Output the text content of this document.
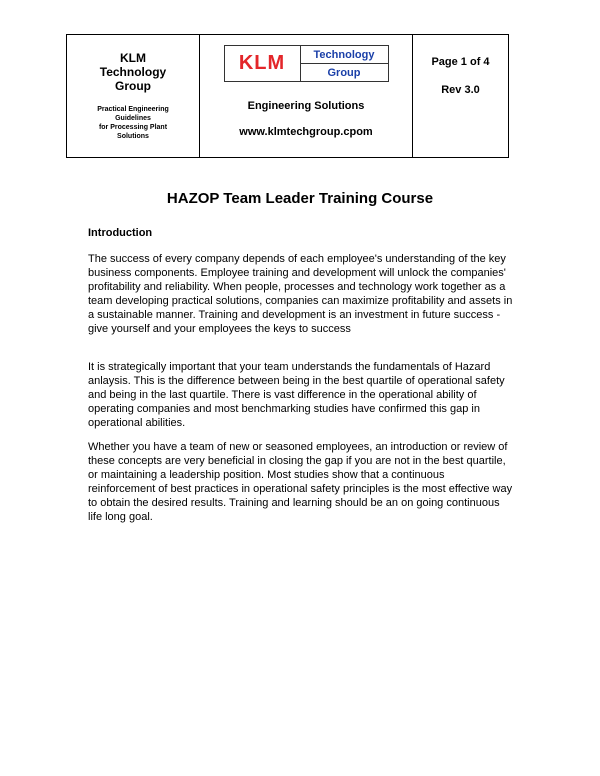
KLM
Technology
Group
Practical Engineering
Guidelines
for Processing Plant
Solutions
KLM	Technology
Group
Engineering Solutions
www.klmtechgroup.cpom
Page 1 of 4
Rev 3.0
HAZOP Team Leader Training Course
Introduction

The success of every company depends of each employee's understanding of the key business components. Employee training and development will unlock the companies' profitability and reliability. When people, processes and technology work together as a team developing practical solutions, companies can maximize profitability and assets in a sustainable manner. Training and development is an investment in future success - give yourself and your employees the keys to success

It is strategically important that your team understands the fundamentals of Hazard anlaysis. This is the difference between being in the best quartile of operational safety and being in the last quartile. There is vast difference in the operational ability of operating companies and most benchmarking studies have confirmed this gap in operational abilities.

Whether you have a team of new or seasoned employees, an introduction or review of these concepts are very beneficial in closing the gap if you are not in the best quartile, or maintaining a leadership position. Most studies show that a continuous reinforcement of best practices in operational safety principles is the most effective way to obtain the desired results. Training and learning should be an on going continuous life long goal.
